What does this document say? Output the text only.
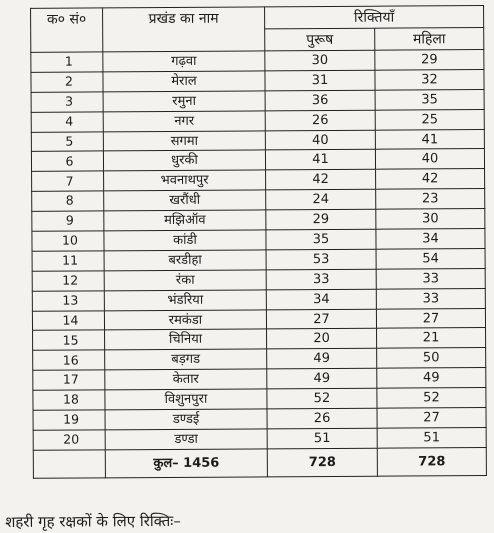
क० सं०	प्रखंड का नाम	रिक्तियाँ	
		पुरूष	महिला
1	गढ़वा	30	29
2	मेराल	31	32
3	रमुना	36	35
4	नगर	26	25
5	सगमा	40	41
6	धुरकी	41	40
7	भवनाथपुर	42	42
8	खरौंधी	24	23
9	मझिऑव	29	30
10	कांडी	35	34
11	बरडीहा	53	54
12	रंका	33	33
13	भंडरिया	34	33
14	रमकंडा	27	27
15	चिनिया	20	21
16	बड़गड	49	50
17	केतार	49	49
18	विशुनपुरा	52	52
19	डण्डई	26	27
20	डण्डा	51	51
	कुल– 1456	728	728
शहरी गृह रक्षकों के लिए रिक्तिः–
